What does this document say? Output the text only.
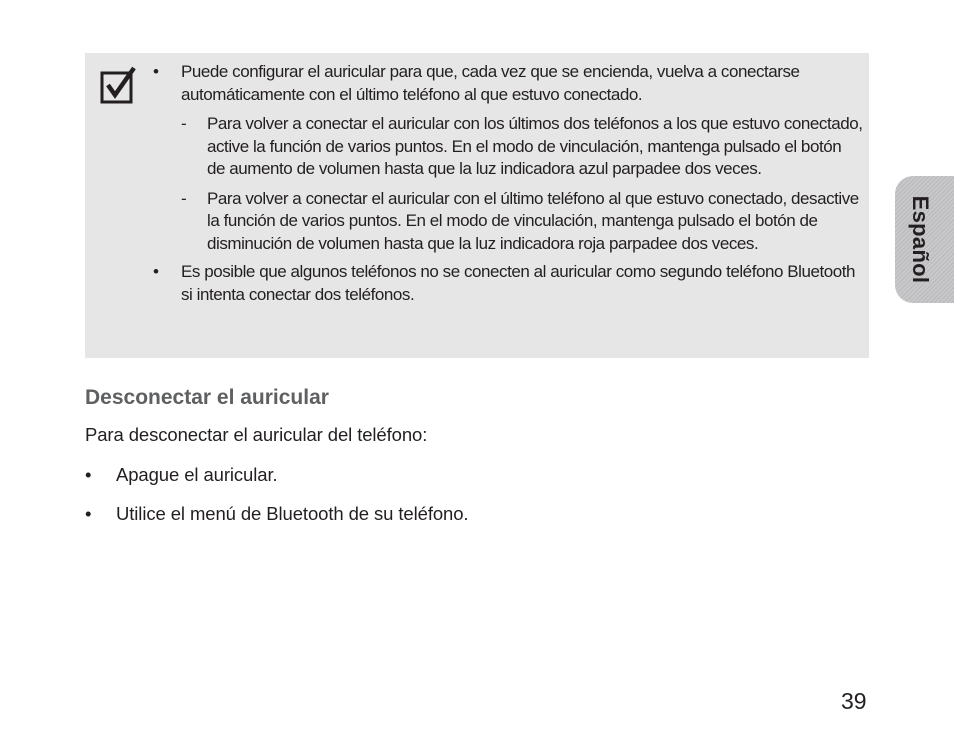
• Puede configurar el auricular para que, cada vez que se encienda, vuelva a conectarse automáticamente con el último teléfono al que estuvo conectado.
- Para volver a conectar el auricular con los últimos dos teléfonos a los que estuvo conectado, active la función de varios puntos. En el modo de vinculación, mantenga pulsado el botón de aumento de volumen hasta que la luz indicadora azul parpadee dos veces.
- Para volver a conectar el auricular con el último teléfono al que estuvo conectado, desactive la función de varios puntos. En el modo de vinculación, mantenga pulsado el botón de disminución de volumen hasta que la luz indicadora roja parpadee dos veces.
• Es posible que algunos teléfonos no se conecten al auricular como segundo teléfono Bluetooth si intenta conectar dos teléfonos.
Desconectar el auricular
Para desconectar el auricular del teléfono:
• Apague el auricular.
• Utilice el menú de Bluetooth de su teléfono.
Español
39
